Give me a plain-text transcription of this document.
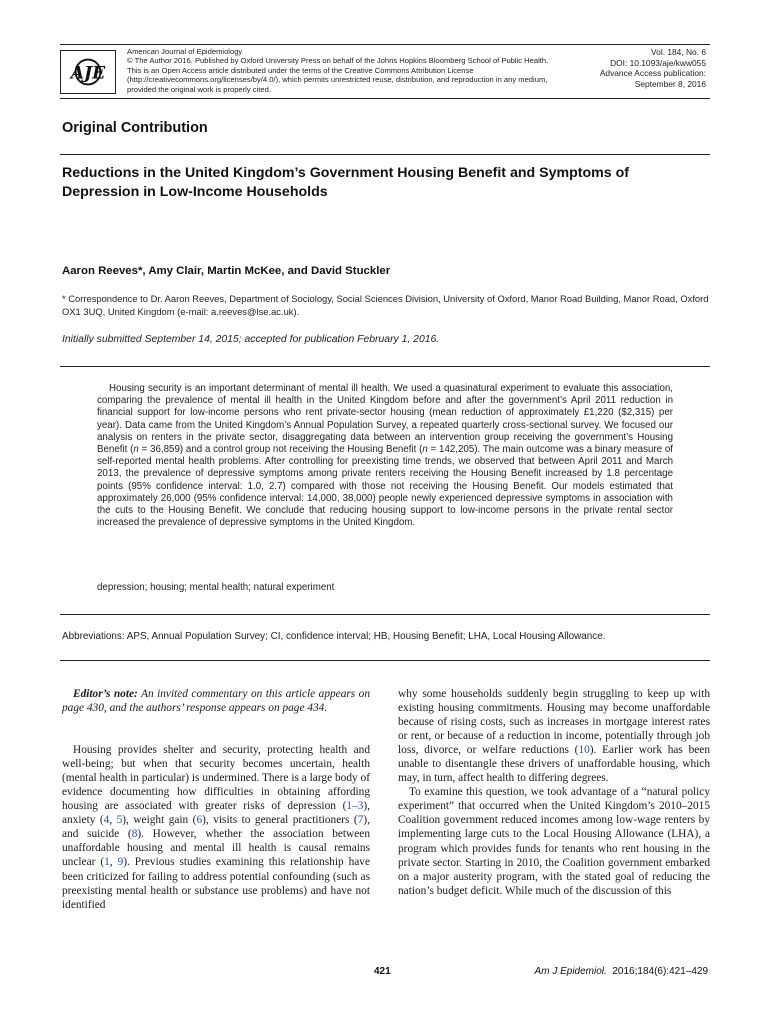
AJE
American Journal of Epidemiology
© The Author 2016. Published by Oxford University Press on behalf of the Johns Hopkins Bloomberg School of Public Health.
This is an Open Access article distributed under the terms of the Creative Commons Attribution License
(http://creativecommons.org/licenses/by/4.0/), which permits unrestricted reuse, distribution, and reproduction in any medium,
provided the original work is properly cited.
Vol. 184, No. 6
DOI: 10.1093/aje/kww055
Advance Access publication:
September 8, 2016
Original Contribution
Reductions in the United Kingdom’s Government Housing Benefit and Symptoms of Depression in Low-Income Households
Aaron Reeves*, Amy Clair, Martin McKee, and David Stuckler
* Correspondence to Dr. Aaron Reeves, Department of Sociology, Social Sciences Division, University of Oxford, Manor Road Building, Manor Road, Oxford OX1 3UQ, United Kingdom (e-mail: a.reeves@lse.ac.uk).
Initially submitted September 14, 2015; accepted for publication February 1, 2016.
Housing security is an important determinant of mental ill health. We used a quasinatural experiment to evaluate this association, comparing the prevalence of mental ill health in the United Kingdom before and after the government’s April 2011 reduction in financial support for low-income persons who rent private-sector housing (mean reduction of approximately £1,220 ($2,315) per year). Data came from the United Kingdom’s Annual Population Survey, a repeated quarterly cross-sectional survey. We focused our analysis on renters in the private sector, disaggregating data between an intervention group receiving the government’s Housing Benefit (n = 36,859) and a control group not receiving the Housing Benefit (n = 142,205). The main outcome was a binary measure of self-reported mental health problems. After controlling for preexisting time trends, we observed that between April 2011 and March 2013, the prevalence of depressive symptoms among private renters receiving the Housing Benefit increased by 1.8 percentage points (95% confidence interval: 1.0, 2.7) compared with those not receiving the Housing Benefit. Our models estimated that approximately 26,000 (95% confidence interval: 14,000, 38,000) people newly experienced depressive symptoms in association with the cuts to the Housing Benefit. We conclude that reducing housing support to low-income persons in the private rental sector increased the prevalence of depressive symptoms in the United Kingdom.
depression; housing; mental health; natural experiment
Abbreviations: APS, Annual Population Survey; CI, confidence interval; HB, Housing Benefit; LHA, Local Housing Allowance.
Editor’s note: An invited commentary on this article appears on page 430, and the authors’ response appears on page 434.

Housing provides shelter and security, protecting health and well-being; but when that security becomes uncertain, health (mental health in particular) is undermined. There is a large body of evidence documenting how difficulties in obtaining affording housing are associated with greater risks of depression (1–3), anxiety (4, 5), weight gain (6), visits to general practitioners (7), and suicide (8). However, whether the association between unaffordable housing and mental ill health is causal remains unclear (1, 9). Previous studies examining this relationship have been criticized for failing to address potential confounding (such as preexisting mental health or substance use problems) and have not identified

why some households suddenly begin struggling to keep up with existing housing commitments. Housing may become unaffordable because of rising costs, such as increases in mortgage interest rates or rent, or because of a reduction in income, potentially through job loss, divorce, or welfare reductions (10). Earlier work has been unable to disentangle these drivers of unaffordable housing, which may, in turn, affect health to differing degrees.

To examine this question, we took advantage of a “natural policy experiment” that occurred when the United Kingdom’s 2010–2015 Coalition government reduced incomes among low-wage renters by implementing large cuts to the Local Housing Allowance (LHA), a program which provides funds for tenants who rent housing in the private sector. Starting in 2010, the Coalition government embarked on a major austerity program, with the stated goal of reducing the nation’s budget deficit. While much of the discussion of this

421	Am J Epidemiol. 2016;184(6):421–429
